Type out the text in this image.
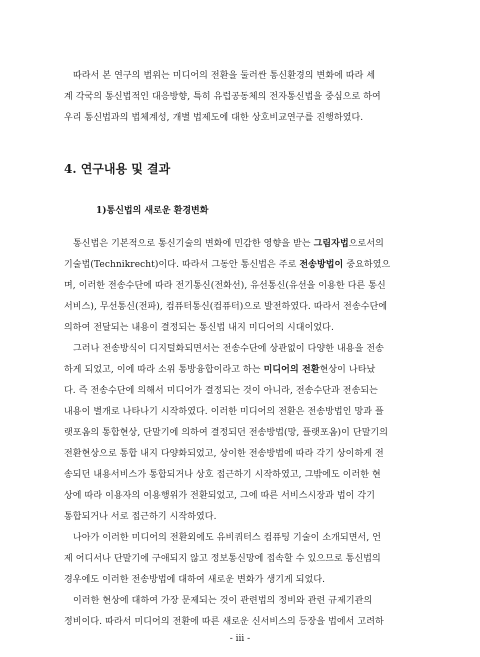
따라서 본 연구의 범위는 미디어의 전환을 둘러싼 통신환경의 변화에 따라 세
계 각국의 통신법적인 대응방향, 특히 유럽공동체의 전자통신법을 중심으로 하여
우리 통신법과의 법체계성, 개별 법제도에 대한 상호비교연구를 진행하였다.

4. 연구내용 및 결과
1)통신법의 새로운 환경변화

통신법은 기본적으로 통신기술의 변화에 민감한 영향을 받는 그림자법으로서의
기술법(Technikrecht)이다. 따라서 그동안 통신법은 주로 전송방법이 중요하였으
며, 이러한 전송수단에 따라 전기통신(전화선), 유선통신(유선을 이용한 다른 통신
서비스), 무선통신(전파), 컴퓨터통신(컴퓨터)으로 발전하였다. 따라서 전송수단에
의하여 전달되는 내용이 결정되는 통신법 내지 미디어의 시대이었다.

그러나 전송방식이 디지털화되면서는 전송수단에 상관없이 다양한 내용을 전송
하게 되었고, 이에 따라 소위 통방융합이라고 하는 미디어의 전환현상이 나타났
다. 즉 전송수단에 의해서 미디어가 결정되는 것이 아니라, 전송수단과 전송되는
내용이 별개로 나타나기 시작하였다. 이러한 미디어의 전환은 전송방법인 망과 플
랫포옴의 통합현상, 단말기에 의하여 결정되던 전송방법(망, 플랫포옴)이 단말기의
전환현상으로 통합 내지 다양화되었고, 상이한 전송방법에 따라 각기 상이하게 전
송되던 내용서비스가 통합되거나 상호 접근하기 시작하였고, 그밖에도 이러한 현
상에 따라 이용자의 이용행위가 전환되었고, 그에 따른 서비스시장과 법이 각기
통합되거나 서로 접근하기 시작하였다.

나아가 이러한 미디어의 전환외에도 유비쿼터스 컴퓨팅 기술이 소개되면서, 언
제 어디서나 단말기에 구애되지 않고 정보통신망에 접속할 수 있으므로 통신법의
경우에도 이러한 전송방법에 대하여 새로운 변화가 생기게 되었다.

이러한 현상에 대하여 가장 문제되는 것이 관련법의 정비와 관련 규제기관의
정비이다. 따라서 미디어의 전환에 따른 새로운 신서비스의 등장을 법에서 고려하

- iii -
